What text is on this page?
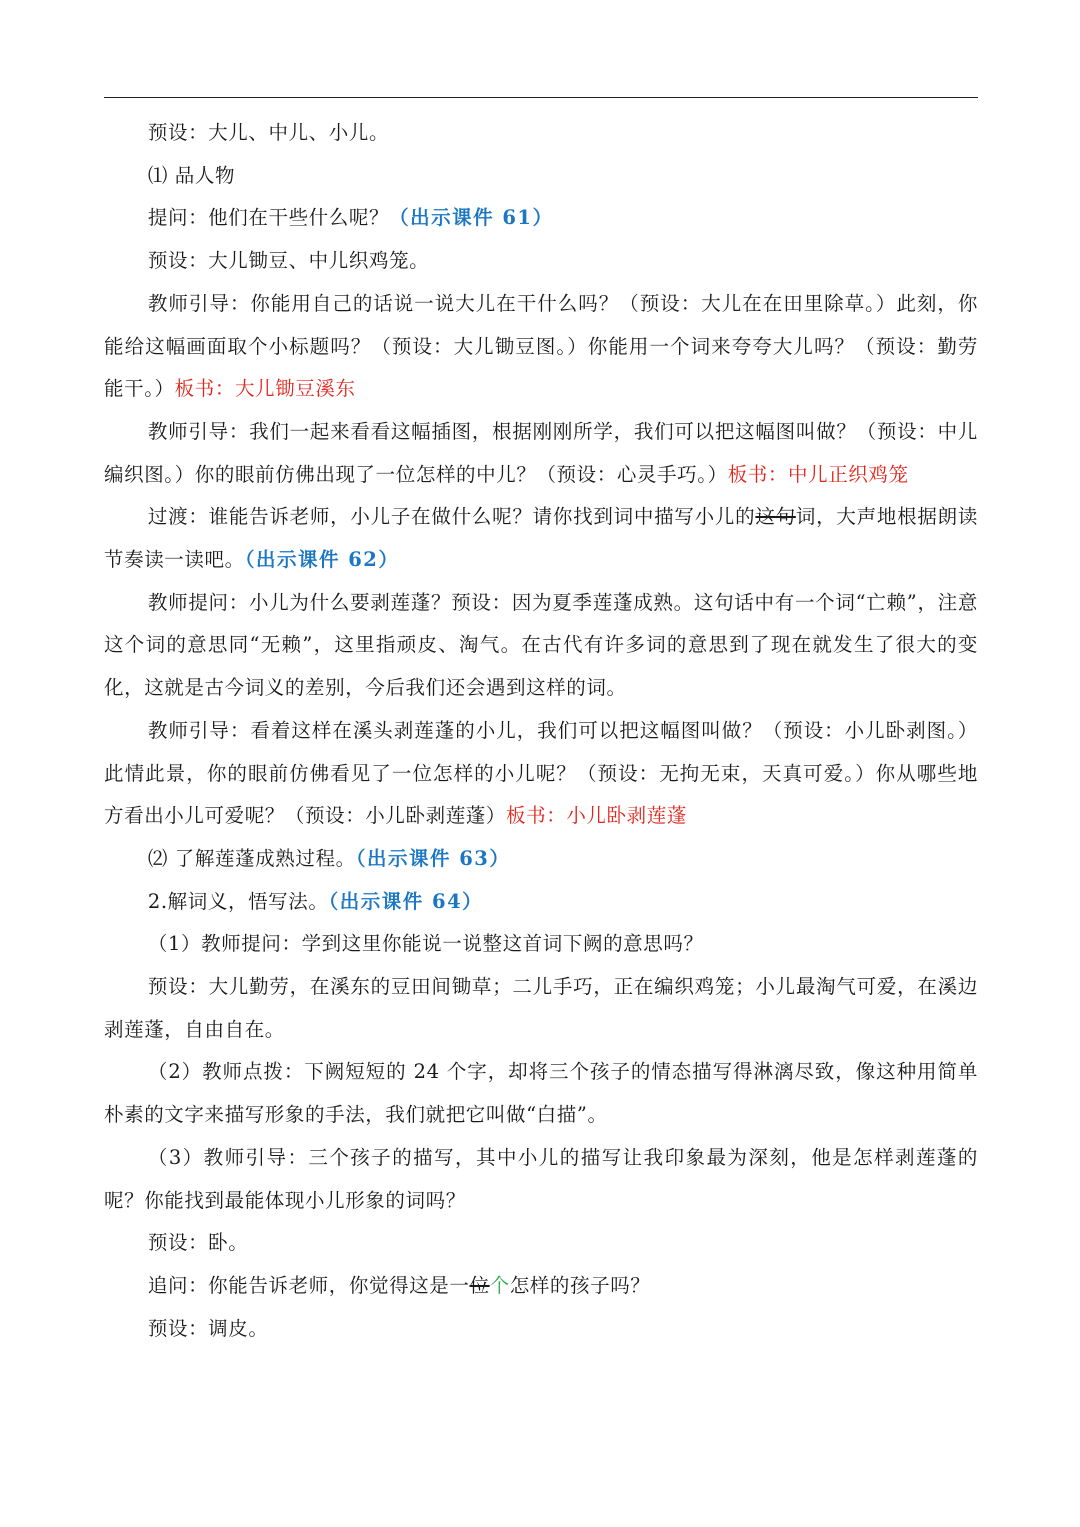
预设：大儿、中儿、小儿。

⑴ 品人物

提问：他们在干些什么呢？（出示课件 61）

预设：大儿锄豆、中儿织鸡笼。

教师引导：你能用自己的话说一说大儿在干什么吗？（预设：大儿在在田里除草。）此刻，你能给这幅画面取个小标题吗？（预设：大儿锄豆图。）你能用一个词来夸夸大儿吗？（预设：勤劳能干。）板书：大儿锄豆溪东

教师引导：我们一起来看看这幅插图，根据刚刚所学，我们可以把这幅图叫做？（预设：中儿编织图。）你的眼前仿佛出现了一位怎样的中儿？（预设：心灵手巧。）板书：中儿正织鸡笼

过渡：谁能告诉老师，小儿子在做什么呢？请你找到词中描写小儿的这句词，大声地根据朗读节奏读一读吧。（出示课件 62）

教师提问：小儿为什么要剥莲蓬？预设：因为夏季莲蓬成熟。这句话中有一个词“亡赖”，注意这个词的意思同“无赖”，这里指顽皮、淘气。在古代有许多词的意思到了现在就发生了很大的变化，这就是古今词义的差别，今后我们还会遇到这样的词。

教师引导：看着这样在溪头剥莲蓬的小儿，我们可以把这幅图叫做？（预设：小儿卧剥图。）此情此景，你的眼前仿佛看见了一位怎样的小儿呢？（预设：无拘无束，天真可爱。）你从哪些地方看出小儿可爱呢？（预设：小儿卧剥莲蓬）板书：小儿卧剥莲蓬

⑵ 了解莲蓬成熟过程。（出示课件 63）

2.解词义，悟写法。（出示课件 64）

（1）教师提问：学到这里你能说一说整这首词下阙的意思吗？

预设：大儿勤劳，在溪东的豆田间锄草；二儿手巧，正在编织鸡笼；小儿最淘气可爱，在溪边剥莲蓬，自由自在。

（2）教师点拨：下阙短短的 24 个字，却将三个孩子的情态描写得淋漓尽致，像这种用简单朴素的文字来描写形象的手法，我们就把它叫做“白描”。

（3）教师引导：三个孩子的描写，其中小儿的描写让我印象最为深刻，他是怎样剥莲蓬的呢？你能找到最能体现小儿形象的词吗？

预设：卧。

追问：你能告诉老师，你觉得这是一位个怎样的孩子吗？

预设：调皮。
